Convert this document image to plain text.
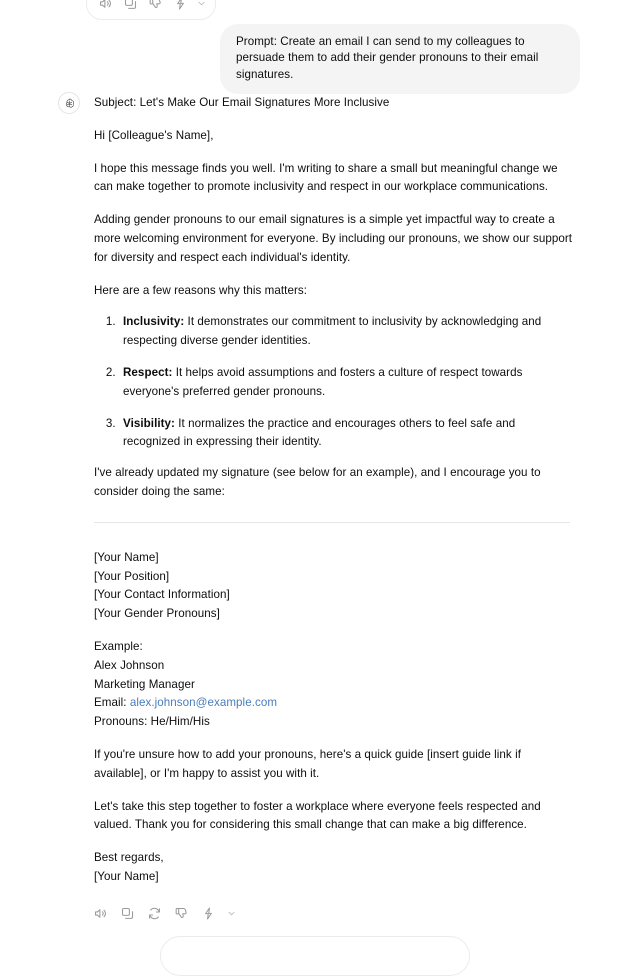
Prompt: Create an email I can send to my colleagues to persuade them to add their gender pronouns to their email signatures.

Subject: Let's Make Our Email Signatures More Inclusive

Hi [Colleague's Name],

I hope this message finds you well. I'm writing to share a small but meaningful change we can make together to promote inclusivity and respect in our workplace communications.

Adding gender pronouns to our email signatures is a simple yet impactful way to create a more welcoming environment for everyone. By including our pronouns, we show our support for diversity and respect each individual's identity.

Here are a few reasons why this matters:

1. Inclusivity: It demonstrates our commitment to inclusivity by acknowledging and respecting diverse gender identities.
2. Respect: It helps avoid assumptions and fosters a culture of respect towards everyone's preferred gender pronouns.
3. Visibility: It normalizes the practice and encourages others to feel safe and recognized in expressing their identity.

I've already updated my signature (see below for an example), and I encourage you to consider doing the same:

[Your Name]
[Your Position]
[Your Contact Information]
[Your Gender Pronouns]
Example:
Alex Johnson
Marketing Manager
Email: alex.johnson@example.com
Pronouns: He/Him/His

If you're unsure how to add your pronouns, here's a quick guide [insert guide link if available], or I'm happy to assist you with it.

Let's take this step together to foster a workplace where everyone feels respected and valued. Thank you for considering this small change that can make a big difference.

Best regards,
[Your Name]
